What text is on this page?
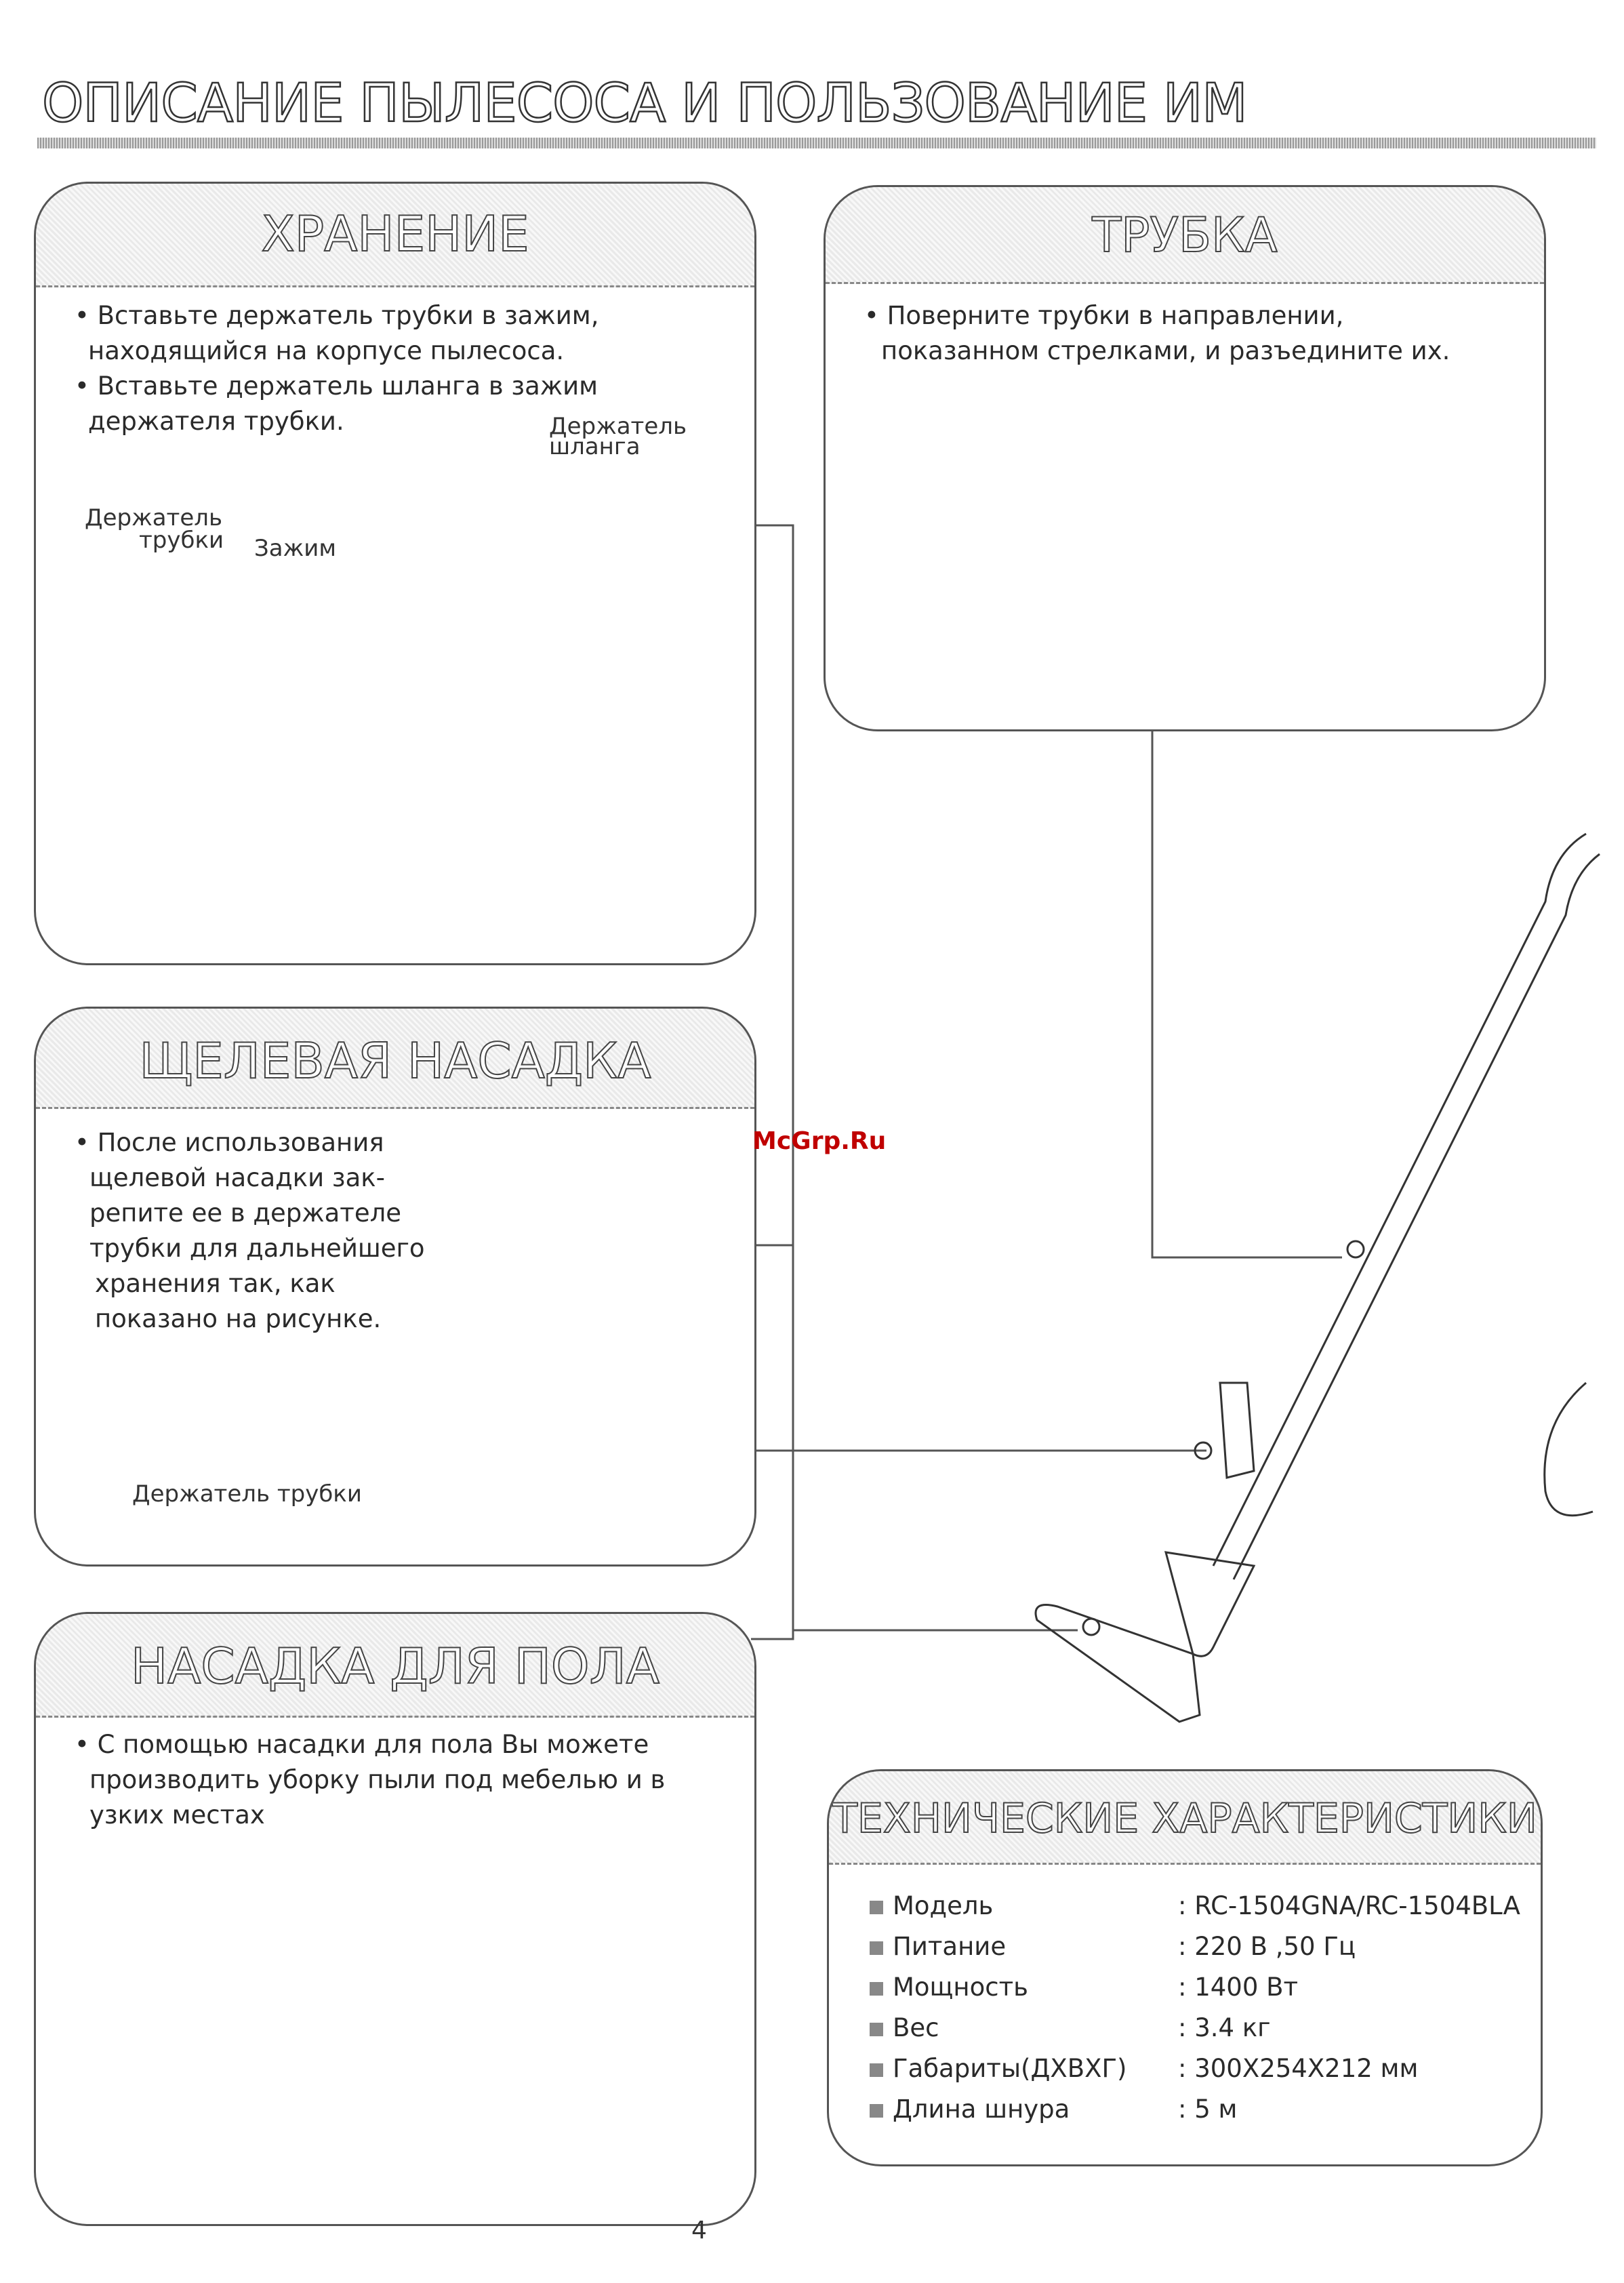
ОПИСАНИЕ ПЫЛЕСОСА И ПОЛЬЗОВАНИЕ ИМ
ХРАНЕНИЕ

• Вставьте держатель трубки в зажим,

находящийся на корпусе пылесоса.

• Вставьте держатель шланга в зажим

держателя трубки.	Держатель
шланга
Держатель
трубки Зажим
ТРУБКА

• Поверните трубки в направлении,

показанном стрелками, и разъедините их.

ЩЕЛЕВАЯ НАСАДКА

• После использования

щелевой насадки зак-

репите ее в держателе

трубки для дальнейшего

хранения так, как

показано на рисунке.

Держатель трубки
НАСАДКА ДЛЯ ПОЛА

• С помощью насадки для пола Вы можете

производить уборку пыли под мебелью и в

узких местах	ТЕХНИЧЕСКИЕ ХАРАКТЕРИСТИКИ
Модель	: RC-1504GNA/RC-1504BLA
Питание	: 220 В ,50 Гц
Мощность	: 1400 Вт
Вес	: 3.4 кг
Габариты(ДХВХГ) : 300Х254Х212 мм
Длина шнура	: 5 м
McGrp.Ru
4
